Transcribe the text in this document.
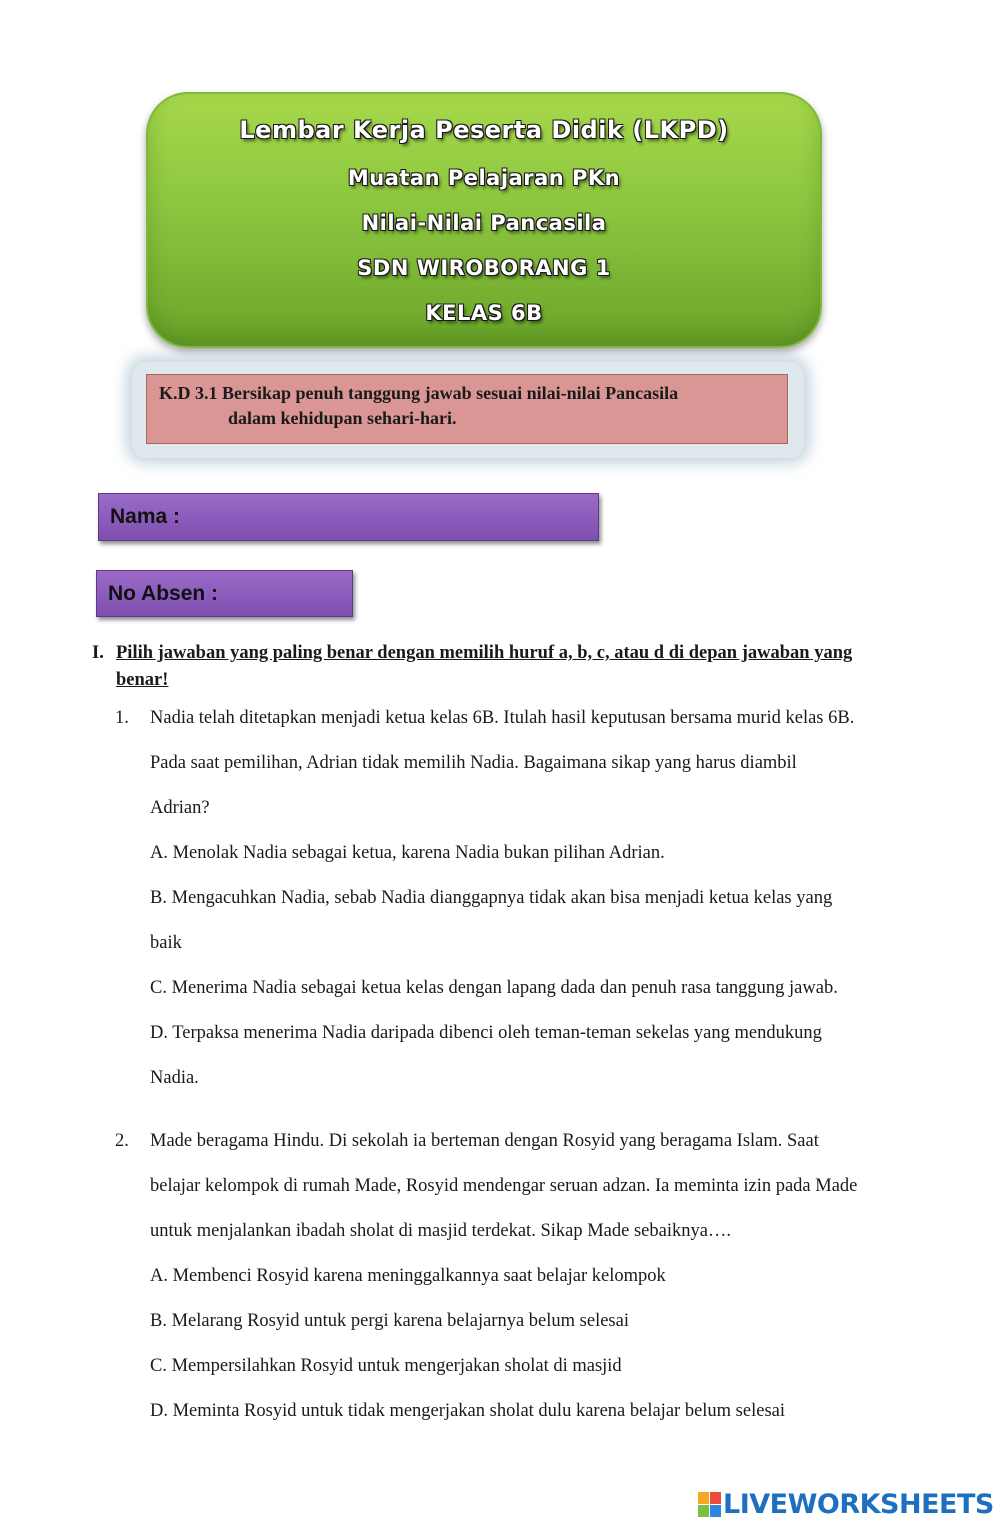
Lembar Kerja Peserta Didik (LKPD)
Muatan Pelajaran PKn
Nilai-Nilai Pancasila
SDN WIROBORANG 1
KELAS 6B
K.D 3.1 Bersikap penuh tanggung jawab sesuai nilai-nilai Pancasila
dalam kehidupan sehari-hari.
Nama :
No Absen :
I. Pilih jawaban yang paling benar dengan memilih huruf a, b, c, atau d di depan jawaban yang benar!
1. Nadia telah ditetapkan menjadi ketua kelas 6B. Itulah hasil keputusan bersama murid kelas 6B.
Pada saat pemilihan, Adrian tidak memilih Nadia. Bagaimana sikap yang harus diambil
Adrian?
A. Menolak Nadia sebagai ketua, karena Nadia bukan pilihan Adrian.
B. Mengacuhkan Nadia, sebab Nadia dianggapnya tidak akan bisa menjadi ketua kelas yang
baik
C. Menerima Nadia sebagai ketua kelas dengan lapang dada dan penuh rasa tanggung jawab.
D. Terpaksa menerima Nadia daripada dibenci oleh teman-teman sekelas yang mendukung
Nadia.
2. Made beragama Hindu. Di sekolah ia berteman dengan Rosyid yang beragama Islam. Saat
belajar kelompok di rumah Made, Rosyid mendengar seruan adzan. Ia meminta izin pada Made
untuk menjalankan ibadah sholat di masjid terdekat. Sikap Made sebaiknya….
A. Membenci Rosyid karena meninggalkannya saat belajar kelompok
B. Melarang Rosyid untuk pergi karena belajarnya belum selesai
C. Mempersilahkan Rosyid untuk mengerjakan sholat di masjid
D. Meminta Rosyid untuk tidak mengerjakan sholat dulu karena belajar belum selesai
LIVEWORKSHEETS
